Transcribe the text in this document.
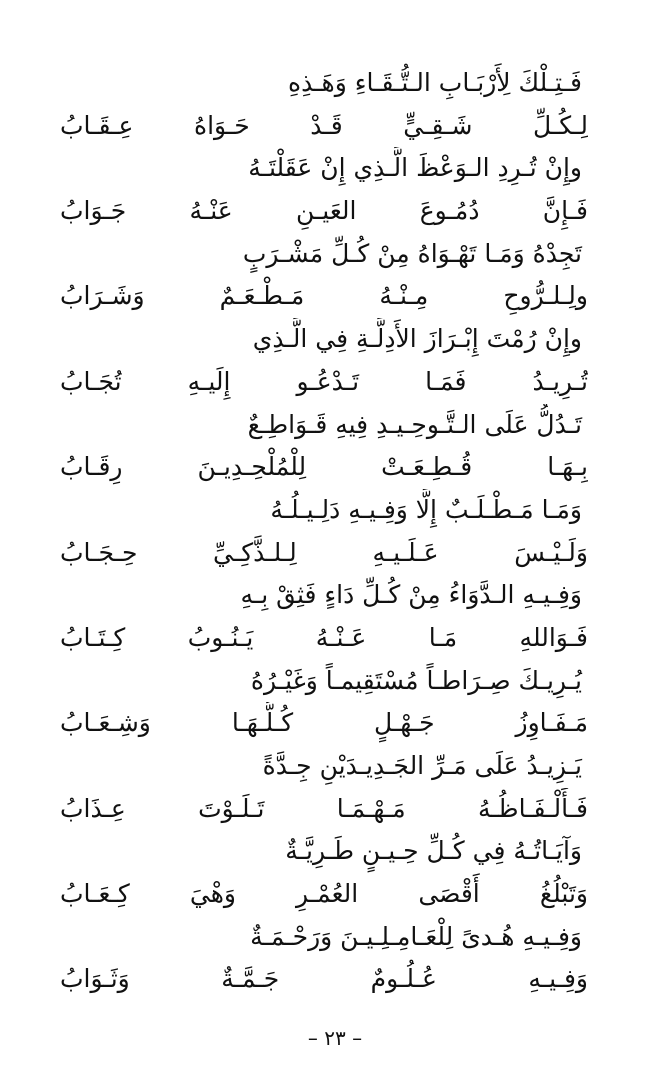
فَـتِـلْكَ لِأَرْبَـابِ الـتُّـقَـاءِ وَهَـذِهِ
لِـكُـلِّ شَـقِـيٍّ قَـدْ حَـوَاهُ عِـقَـابُ
وإِنْ تُـرِدِ الـوَعْظَ الَّـذِي إِنْ عَقَلْتَـهُ
فَـإِنَّ دُمُـوعَ العَيـنِ عَنْـهُ جَـوَابُ
تَجِدْهُ وَمَـا تَهْـوَاهُ مِنْ كُـلِّ مَشْـرَبٍ
ولِـلـرُّوحِ مِـنْـهُ مَـطْـعَـمٌ وَشَـرَابُ
وإِنْ رُمْتَ إِبْـرَازَ الأَدِلَّـةِ فِي الَّـذِي
تُـرِيـدُ فَمَـا تَـدْعُـو إِلَيـهِ تُجَـابُ
تَـدُلُّ عَلَى الـتَّـوحِـيـدِ فِيهِ قَـوَاطِـعٌ
بِـهَـا قُـطِـعَـتْ لِلْمُلْحِـدِيـنَ رِقَـابُ
وَمَـا مَـطْـلَـبٌ إِلَّا وَفِـيـهِ دَلِـيـلُـهُ
وَلَـيْـسَ عَـلَـيـهِ لِـلـذَّكِـيِّ حِـجَـابُ
وَفِـيـهِ الـدَّوَاءُ مِنْ كُـلِّ دَاءٍ فَثِقْ بِـهِ
فَـوَاللهِ مَـا عَـنْـهُ يَـنُـوبُ كِـتَـابُ
يُـرِيـكَ صِـرَاطـاً مُسْتَقِيمـاً وَغَيْـرُهُ
مَـفَـاوِزُ جَـهْـلٍ كُـلُّـهَـا وَشِـعَـابُ
يَـزِيـدُ عَلَى مَـرِّ الجَـدِيـدَيْنِ جِـدَّةً
فَـأَلْـفَـاظُـهُ مَـهْـمَـا تَـلَـوْتَ عِـذَابُ
وَآيَـاتُـهُ فِي كُـلِّ حِـيـنٍ طَـرِيَّـةٌ
وَتَبْلُغُ أَقْصَى العُمْـرِ وَهْيَ كِـعَـابُ
وَفِـيـهِ هُـدىً لِلْعَـامِـلِـيـنَ وَرَحْـمَـةٌ
وَفِـيـهِ عُـلُـومٌ جَـمَّـةٌ وَثَـوَابُ
– ٢٣ –
